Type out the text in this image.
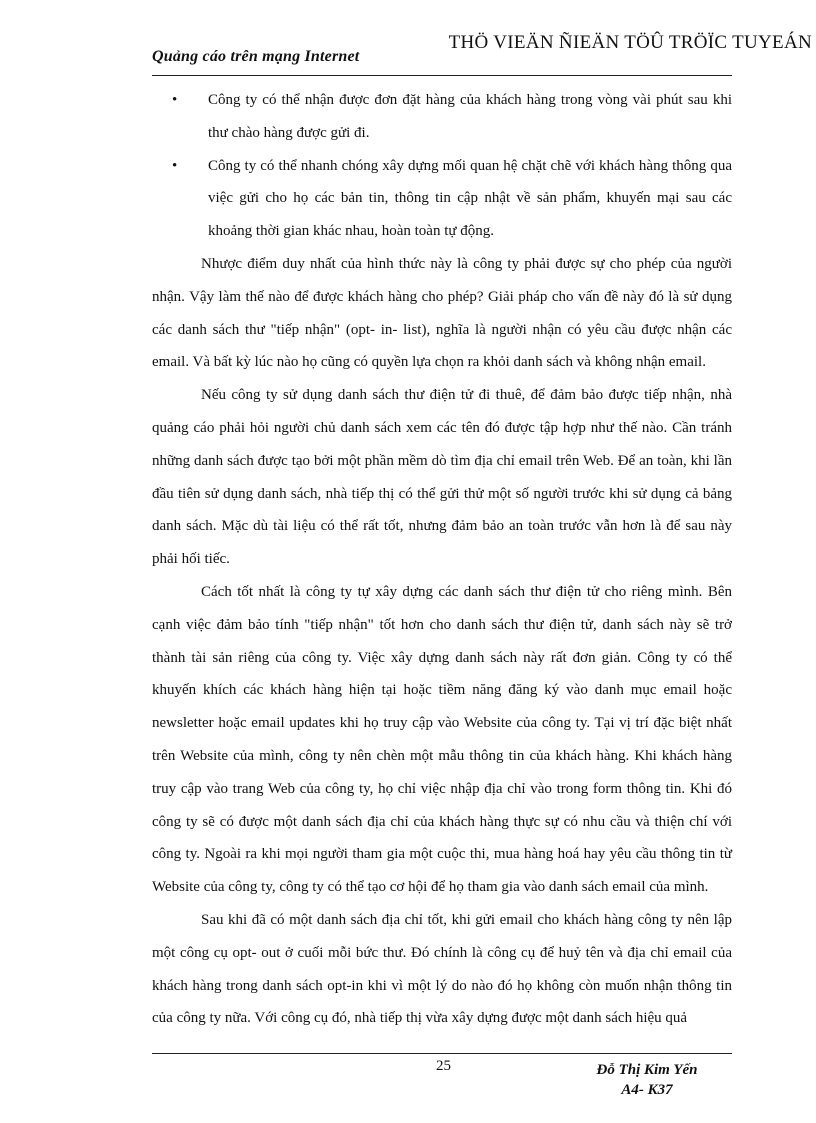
Quảng cáo trên mạng Internet
THÖ VIEÄN ÑIEÄN TÖÛ TRÖÏC TUYEÁN
• Công ty có thể nhận được đơn đặt hàng của khách hàng trong vòng vài phút sau khi thư chào hàng được gửi đi.
• Công ty có thể nhanh chóng xây dựng mối quan hệ chặt chẽ với khách hàng thông qua việc gửi cho họ các bản tin, thông tin cập nhật về sản phẩm, khuyến mại sau các khoảng thời gian khác nhau, hoàn toàn tự động.

Nhược điểm duy nhất của hình thức này là công ty phải được sự cho phép của người nhận. Vậy làm thế nào để được khách hàng cho phép? Giải pháp cho vấn đề này đó là sử dụng các danh sách thư "tiếp nhận" (opt- in- list), nghĩa là người nhận có yêu cầu được nhận các email. Và bất kỳ lúc nào họ cũng có quyền lựa chọn ra khỏi danh sách và không nhận email.

Nếu công ty sử dụng danh sách thư điện tử đi thuê, để đảm bảo được tiếp nhận, nhà quảng cáo phải hỏi người chủ danh sách xem các tên đó được tập hợp như thế nào. Cần tránh những danh sách được tạo bởi một phần mềm dò tìm địa chỉ email trên Web. Để an toàn, khi lần đầu tiên sử dụng danh sách, nhà tiếp thị có thể gửi thử một số người trước khi sử dụng cả bảng danh sách. Mặc dù tài liệu có thể rất tốt, nhưng đảm bảo an toàn trước vẫn hơn là để sau này phải hối tiếc.

Cách tốt nhất là công ty tự xây dựng các danh sách thư điện tử cho riêng mình. Bên cạnh việc đảm bảo tính "tiếp nhận" tốt hơn cho danh sách thư điện tử, danh sách này sẽ trở thành tài sản riêng của công ty. Việc xây dựng danh sách này rất đơn giản. Công ty có thể khuyến khích các khách hàng hiện tại hoặc tiềm năng đăng ký vào danh mục email hoặc newsletter hoặc email updates khi họ truy cập vào Website của công ty. Tại vị trí đặc biệt nhất trên Website của mình, công ty nên chèn một mẫu thông tin của khách hàng. Khi khách hàng truy cập vào trang Web của công ty, họ chỉ việc nhập địa chỉ vào trong form thông tin. Khi đó công ty sẽ có được một danh sách địa chỉ của khách hàng thực sự có nhu cầu và thiện chí với công ty. Ngoài ra khi mọi người tham gia một cuộc thi, mua hàng hoá hay yêu cầu thông tin từ Website của công ty, công ty có thể tạo cơ hội để họ tham gia vào danh sách email của mình.

Sau khi đã có một danh sách địa chỉ tốt, khi gửi email cho khách hàng công ty nên lập một công cụ opt- out ở cuối mỗi bức thư. Đó chính là công cụ để huỷ tên và địa chỉ email của khách hàng trong danh sách opt-in khi vì một lý do nào đó họ không còn muốn nhận thông tin của công ty nữa. Với công cụ đó, nhà tiếp thị vừa xây dựng được một danh sách hiệu quả

25	Đỗ Thị Kim Yến
A4- K37
